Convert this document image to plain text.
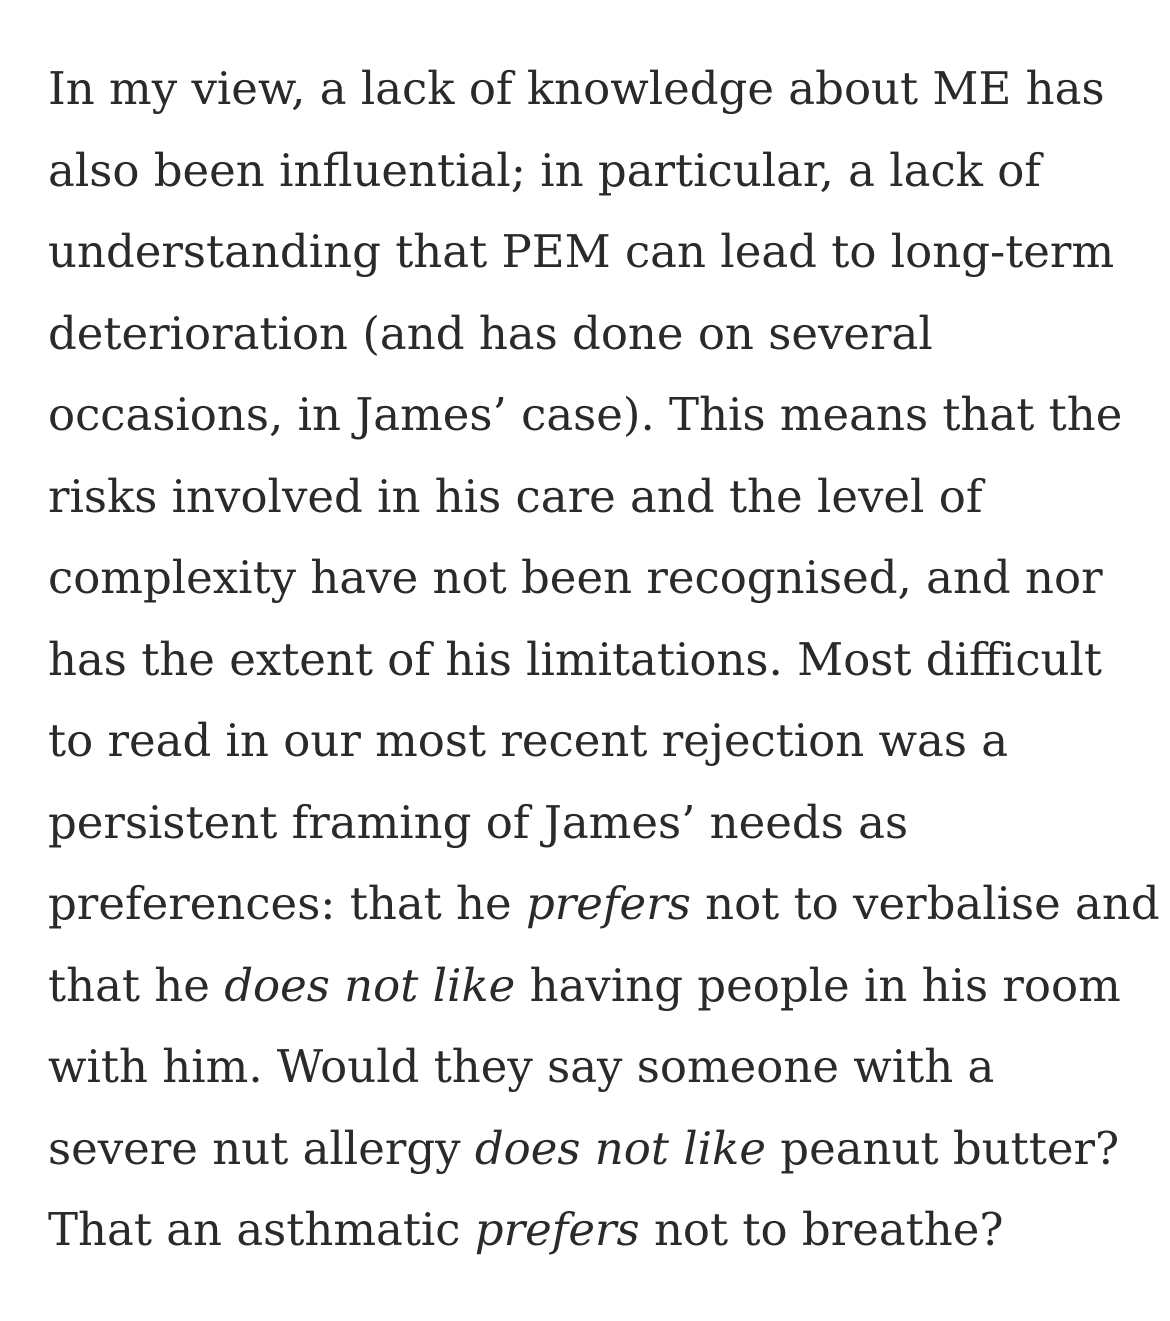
In my view, a lack of knowledge about ME has
also been influential; in particular, a lack of
understanding that PEM can lead to long-term
deterioration (and has done on several
occasions, in James’ case). This means that the
risks involved in his care and the level of
complexity have not been recognised, and nor
has the extent of his limitations. Most difficult
to read in our most recent rejection was a
persistent framing of James’ needs as
preferences: that he prefers not to verbalise and
that he does not like having people in his room
with him. Would they say someone with a
severe nut allergy does not like peanut butter?
That an asthmatic prefers not to breathe?
